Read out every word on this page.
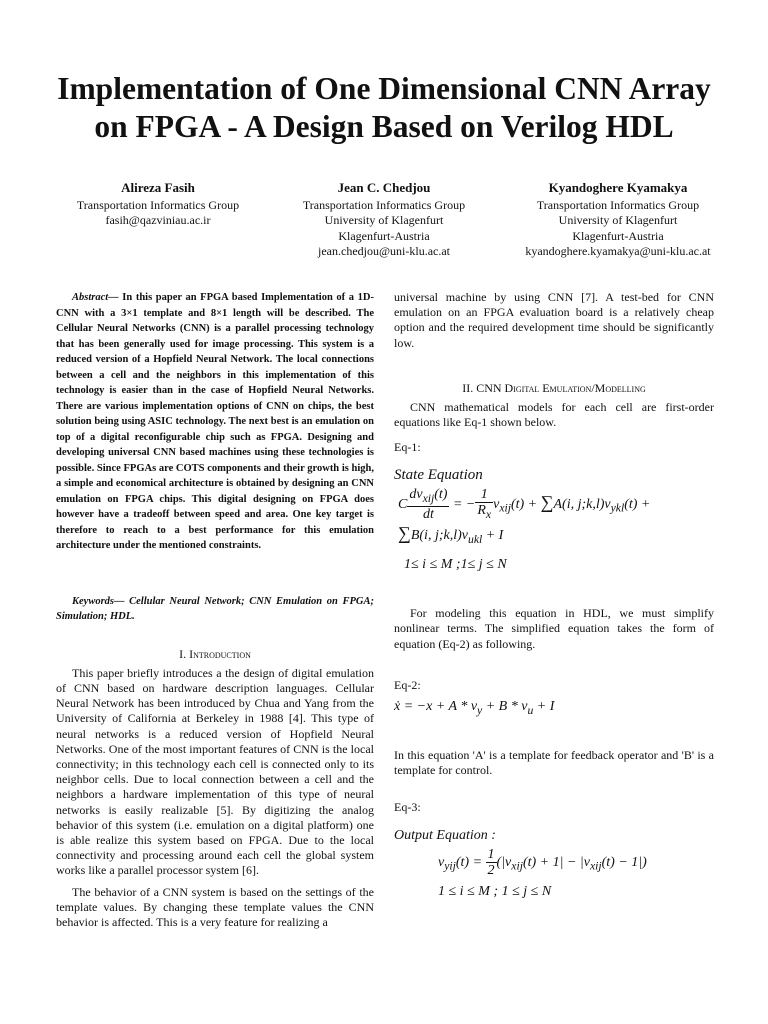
Implementation of One Dimensional CNN Array
on FPGA - A Design Based on Verilog HDL
Alireza Fasih
Transportation Informatics Group
fasih@qazviniau.ac.ir
Jean C. Chedjou
Transportation Informatics Group
University of Klagenfurt
Klagenfurt-Austria
jean.chedjou@uni-klu.ac.at
Kyandoghere Kyamakya
Transportation Informatics Group
University of Klagenfurt
Klagenfurt-Austria
kyandoghere.kyamakya@uni-klu.ac.at

Abstract— In this paper an FPGA based Implementation of a 1D-CNN with a 3×1 template and 8×1 length will be described. The Cellular Neural Networks (CNN) is a parallel processing technology that has been generally used for image processing. This system is a reduced version of a Hopfield Neural Network. The local connections between a cell and the neighbors in this implementation of this technology is easier than in the case of Hopfield Neural Networks. There are various implementation options of CNN on chips, the best solution being using ASIC technology. The next best is an emulation on top of a digital reconfigurable chip such as FPGA. Designing and developing universal CNN based machines using these technologies is possible. Since FPGAs are COTS components and their growth is high, a simple and economical architecture is obtained by designing an CNN emulation on FPGA chips. This digital designing on FPGA does however have a tradeoff between speed and area. One key target is therefore to reach to a best performance for this emulation architecture under the mentioned constraints.

Keywords— Cellular Neural Network; CNN Emulation on FPGA; Simulation; HDL.

I. Introduction

This paper briefly introduces a the design of digital emulation of CNN based on hardware description languages. Cellular Neural Network has been introduced by Chua and Yang from the University of California at Berkeley in 1988 [4]. This type of neural networks is a reduced version of Hopfield Neural Networks. One of the most important features of CNN is the local connectivity; in this technology each cell is connected only to its neighbor cells. Due to local connection between a cell and the neighbors a hardware implementation of this type of neural networks is easily realizable [5]. By digitizing the analog behavior of this system (i.e. emulation on a digital platform) one is able realize this system based on FPGA. Due to the local connectivity and processing around each cell the global system works like a parallel processor system [6].

The behavior of a CNN system is based on the settings of the template values. By changing these template values the CNN behavior is affected. This is a very feature for realizing a

universal machine by using CNN [7]. A test-bed for CNN emulation on an FPGA evaluation board is a relatively cheap option and the required development time should be significantly low.

II. CNN Digital Emulation/Modelling

CNN mathematical models for each cell are first-order equations like Eq-1 shown below.

Eq-1:
State Equation
C $\frac{dv_{xij}(t)}{dt}$ = − $\frac{1}{R_x} v_{xij}(t) + \sum A(i$, $j;k,l)v_{ykl}(t)$ +
∑B(i, $j;k,l)v_{ukl} + I$
1≤ i ≤ M ;1≤ j ≤ N

For modeling this equation in HDL, we must simplify nonlinear terms. The simplified equation takes the form of equation (Eq-2) as following.

Eq-2:
ẋ = $-x + A * v_y + B * v_u + I$

In this equation 'A' is a template for feedback operator and 'B' is a template for control.

Eq-3:
Output Equation :
$v_{yij}(t) = \frac{1}{2} (|v_{xij}(t) + 1| - |v_{xij}(t) - 1|)$
1 ≤ i ≤ M ; 1 ≤ j ≤ N
